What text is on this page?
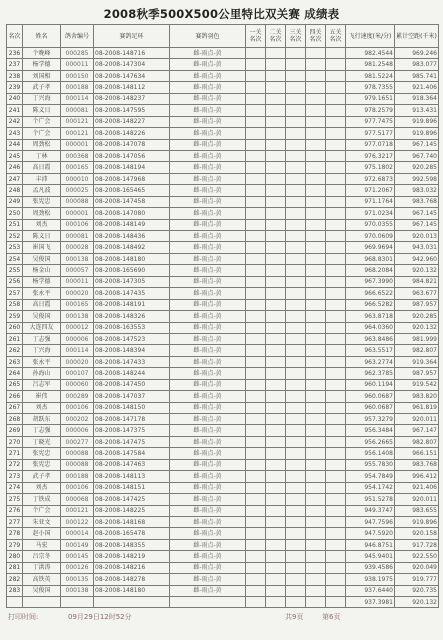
2008秋季500X500公里特比双关赛 成绩表
名次	姓名	鸽舍编号	赛鸽足环	赛鸽羽色	一关名次	二关名次	三关名次	四关名次	五关名次	飞行速度(米/分)	累计空距(千米)
236	个晚峰	000285	08-2008-148716	雌-雨点-黄						982.4544	969.246
237	杨学德	000011	08-2008-147304	雌-雨点-黄						981.2548	983.077
238	刘国相	000150	08-2008-147634	雌-雨点-黄						981.5224	985.741
239	武子孝	000188	08-2008-148112	雌-雨点-黄						978.7355	921.406
240	丁兴海	000114	08-2008-148237	雌-雨点-黄						979.1651	918.364
241	陈义日	000081	08-2008-147595	雌-雨点-黄						978.2579	913.431
242	个广会	000121	08-2008-148227	雌-雨点-黄						977.7475	919.896
243	个广会	000121	08-2008-148226	雌-雨点-黄						977.5177	919.896
244	周劲松	000001	08-2008-147078	雌-雨点-黄						977.0718	967.145
245	丁林	000368	08-2008-147056	雌-雨点-黄						976.3217	967.740
246	高日霞	000165	08-2008-148194	雌-雨点-黄						975.1802	920.285
247	丰沛	000010	08-2008-147968	雌-雨点-黄						972.6873	992.598
248	孟凡波	000025	08-2008-165465	雌-雨点-黄						971.2067	983.032
249	张宪忠	000088	08-2008-147458	雌-雨点-黄						971.1764	983.768
250	周劲松	000001	08-2008-147080	雌-雨点-黄						971.0234	967.145
251	刘杰	000106	08-2008-148149	雌-雨点-黄						970.0355	967.145
252	陈义日	000081	08-2008-148436	雌-雨点-黄						970.0609	920.013
253	崔国飞	000028	08-2008-148492	雌-雨点-黄						969.9694	943.031
254	吴俊国	000138	08-2008-148180	雌-雨点-黄						968.8301	942.960
255	杨金山	000057	08-2008-165690	雌-雨点-黄						968.2084	920.132
256	杨学德	000011	08-2008-147305	雌-雨点-黄						967.3990	984.821
257	张永平	000020	08-2008-147435	雌-雨点-黄						966.6522	963.677
258	高日霞	000165	08-2008-148191	雌-雨点-黄						966.5282	987.957
259	吴俊国	000138	08-2008-148326	雌-雨点-黄						963.8718	920.285
260	大连四友	000012	08-2008-163553	雌-雨点-黄						964.0360	920.132
261	丁志强	000006	08-2008-147523	雌-雨点-黄						963.8486	981.999
262	丁兴海	000114	08-2008-148394	雌-雨点-黄						963.5517	982.807
263	张永平	000020	08-2008-147433	雌-雨点-黄						963.2774	919.364
264	孙海山	000107	08-2008-148244	雌-雨点-黄						962.3785	987.957
265	吕志军	000060	08-2008-147450	雌-雨点-黄						960.1194	919.542
266	崔伟	000289	08-2008-147037	雌-雨点-黄						960.0687	983.820
267	刘杰	000106	08-2008-148150	雌-雨点-黄						960.0687	961.819
268	胡跃东	000202	08-2008-147178	雌-雨点-黄						957.3279	920.011
269	丁志强	000006	08-2008-147375	雌-雨点-黄						956.3484	967.147
270	丁晓光	000277	08-2008-147475	雌-雨点-黄						956.2665	982.807
271	张宪忠	000088	08-2008-147584	雌-雨点-黄						956.1408	966.151
272	张宪忠	000088	08-2008-147463	雌-雨点-黄						955.7830	983.768
273	武子孝	000188	08-2008-148113	雌-雨点-黄						954.7849	996.412
274	刘杰	000106	08-2008-148151	雌-雨点-黄						954.1742	921.406
275	丁铁成	000068	08-2008-147425	雌-雨点-黄						951.5278	920.011
276	个广会	000121	08-2008-148225	雌-雨点-黄						949.3747	983.655
277	朱亚文	000122	08-2008-148168	雌-雨点-黄						947.7596	919.896
278	赵小国	000014	08-2008-165478	雌-雨点-黄						947.5920	920.158
279	马宏	000149	08-2008-148355	雌-雨点-黄						946.8751	917.728
280	吕宗冬	000145	08-2008-148219	雌-雨点-黄						945.9401	922.550
281	丁洪涛	000126	08-2008-148216	雌-雨点-黄						939.4586	920.049
282	高铁英	000135	08-2008-148278	雌-雨点-黄						938.1975	919.777
283	吴俊国	000138	08-2008-148180	雌-雨点-黄						937.6440	920.735
										937.3981	920.132
打印时间:	09月29日12时52分	共9页	第6页
